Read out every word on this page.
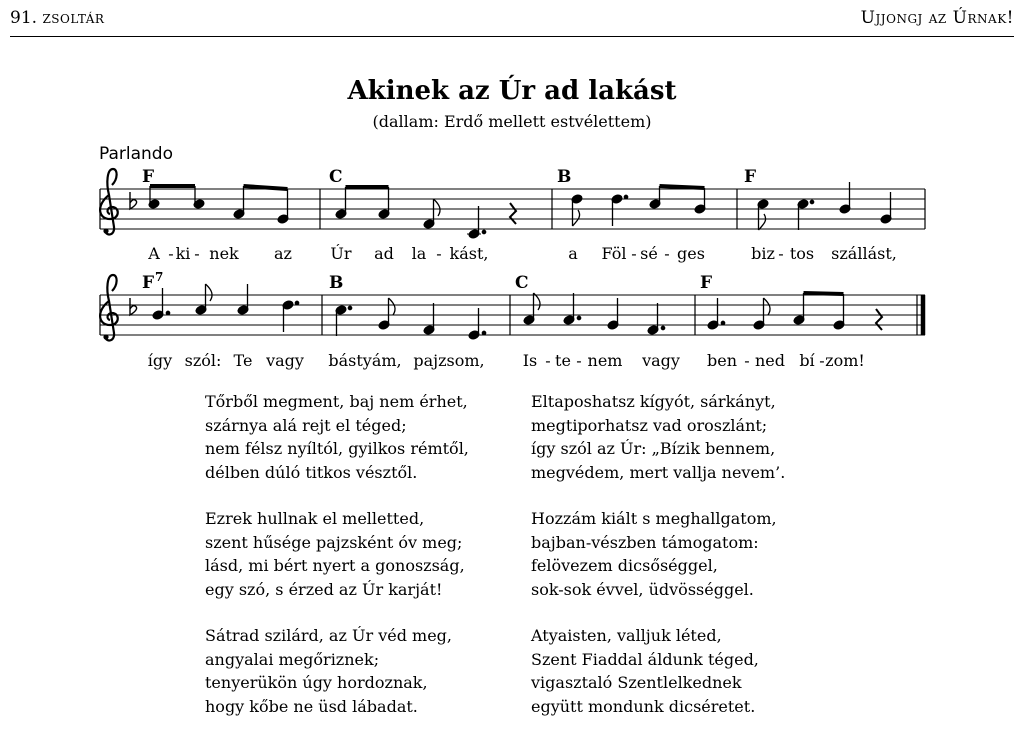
91. zsoltár	Ujjongj az Úrnak!
Akinek az Úr ad lakást
(dallam: Erdő mellett estvélettem)
Parlando
F	C	B	F
A - ki - nek az Úr ad la - kást,	a Föl - sé - ges	biz - tos szállást,
F 7	B	C	F
így szól: Te vagy bástyám, pajzsom, Is - te - nem vagy ben - ned bí - zom!
Tőrből megment, baj nem érhet,
szárnya alá rejt el téged;
nem félsz nyíltól, gyilkos rémtől,
délben dúló titkos vésztől.
Ezrek hullnak el melletted,
szent hűsége pajzsként óv meg;
lásd, mi bért nyert a gonoszság,
egy szó, s érzed az Úr karját!
Sátrad szilárd, az Úr véd meg,
angyalai megőriznek;
tenyerükön úgy hordoznak,
hogy kőbe ne üsd lábadat.
Eltaposhatsz kígyót, sárkányt,
megtiporhatsz vad oroszlánt;
így szól az Úr: „Bízik bennem,
megvédem, mert vallja nevem’.
Hozzám kiált s meghallgatom,
bajban-vészben támogatom:
felövezem dicsőséggel,
sok-sok évvel, üdvösséggel.
Atyaisten, valljuk léted,
Szent Fiaddal áldunk téged,
vigasztaló Szentlelkednek
együtt mondunk dicséretet.
